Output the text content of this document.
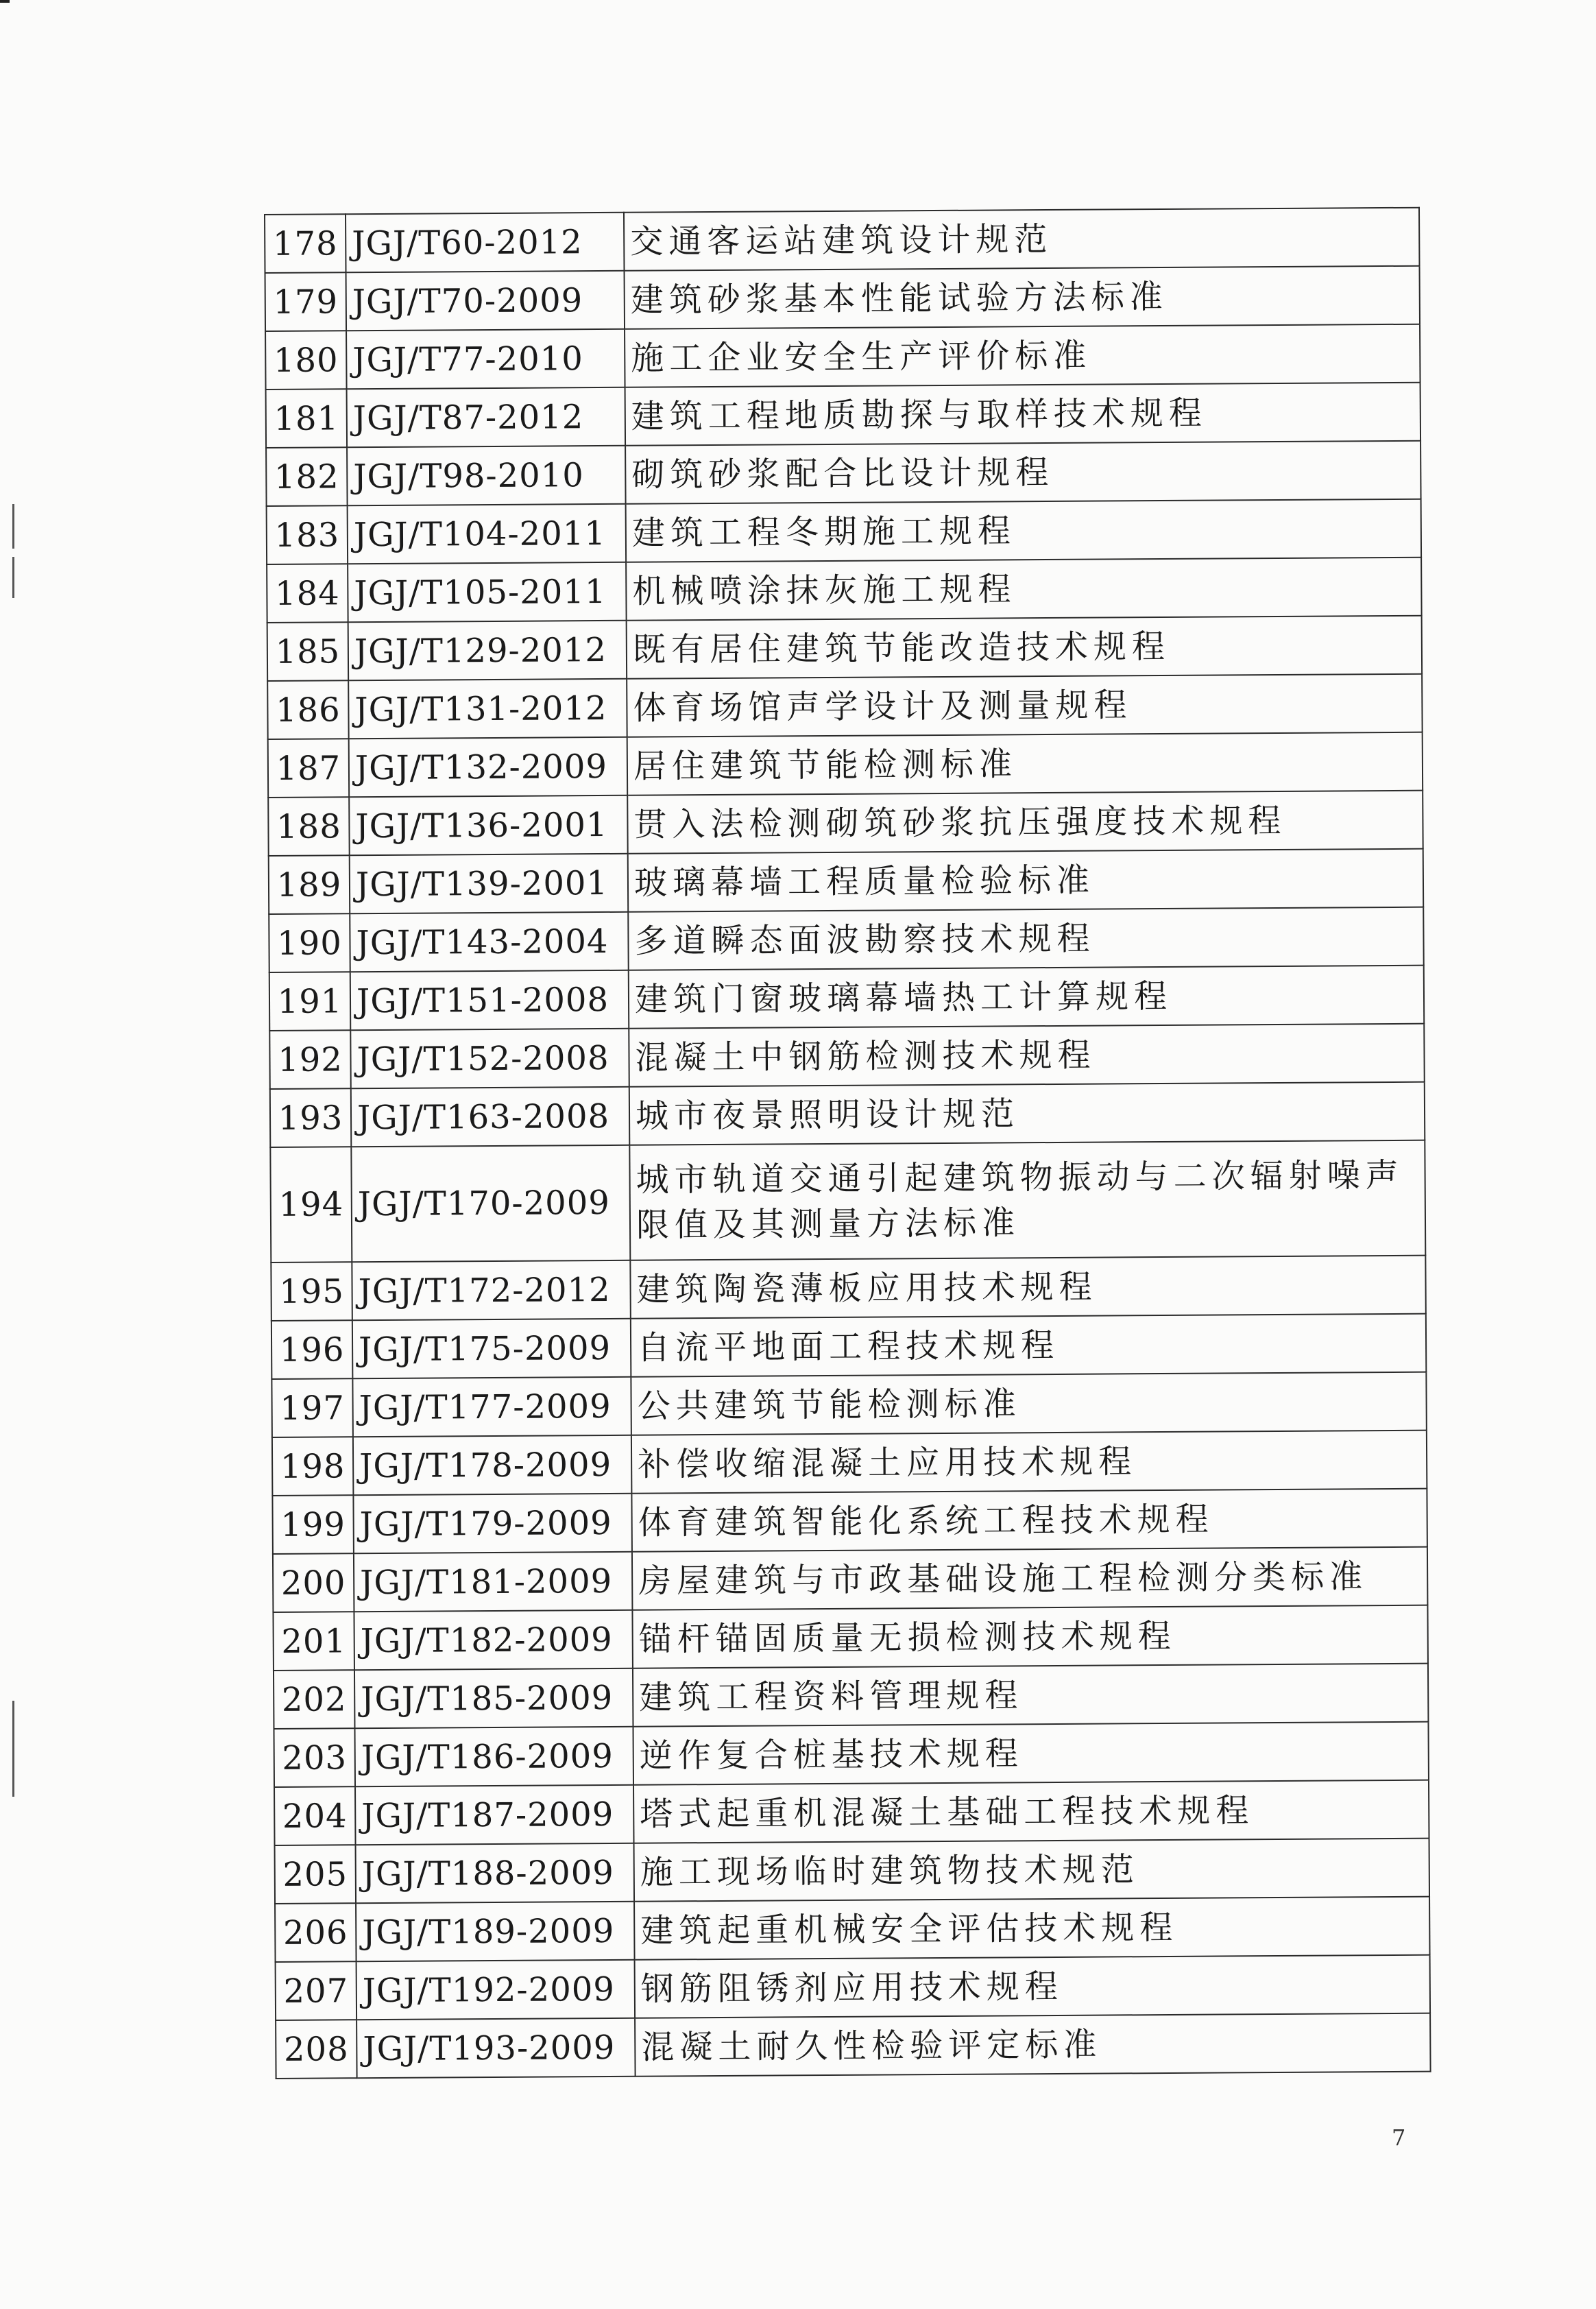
178	JGJ/T60-2012	交通客运站建筑设计规范
179	JGJ/T70-2009	建筑砂浆基本性能试验方法标准
180	JGJ/T77-2010	施工企业安全生产评价标准
181	JGJ/T87-2012	建筑工程地质勘探与取样技术规程
182	JGJ/T98-2010	砌筑砂浆配合比设计规程
183	JGJ/T104-2011	建筑工程冬期施工规程
184	JGJ/T105-2011	机械喷涂抹灰施工规程
185	JGJ/T129-2012	既有居住建筑节能改造技术规程
186	JGJ/T131-2012	体育场馆声学设计及测量规程
187	JGJ/T132-2009	居住建筑节能检测标准
188	JGJ/T136-2001	贯入法检测砌筑砂浆抗压强度技术规程
189	JGJ/T139-2001	玻璃幕墙工程质量检验标准
190	JGJ/T143-2004	多道瞬态面波勘察技术规程
191	JGJ/T151-2008	建筑门窗玻璃幕墙热工计算规程
192	JGJ/T152-2008	混凝土中钢筋检测技术规程
193	JGJ/T163-2008	城市夜景照明设计规范
194	JGJ/T170-2009	城市轨道交通引起建筑物振动与二次辐射噪声限值及其测量方法标准
195	JGJ/T172-2012	建筑陶瓷薄板应用技术规程
196	JGJ/T175-2009	自流平地面工程技术规程
197	JGJ/T177-2009	公共建筑节能检测标准
198	JGJ/T178-2009	补偿收缩混凝土应用技术规程
199	JGJ/T179-2009	体育建筑智能化系统工程技术规程
200	JGJ/T181-2009	房屋建筑与市政基础设施工程检测分类标准
201	JGJ/T182-2009	锚杆锚固质量无损检测技术规程
202	JGJ/T185-2009	建筑工程资料管理规程
203	JGJ/T186-2009	逆作复合桩基技术规程
204	JGJ/T187-2009	塔式起重机混凝土基础工程技术规程
205	JGJ/T188-2009	施工现场临时建筑物技术规范
206	JGJ/T189-2009	建筑起重机械安全评估技术规程
207	JGJ/T192-2009	钢筋阻锈剂应用技术规程
208	JGJ/T193-2009	混凝土耐久性检验评定标准
7
